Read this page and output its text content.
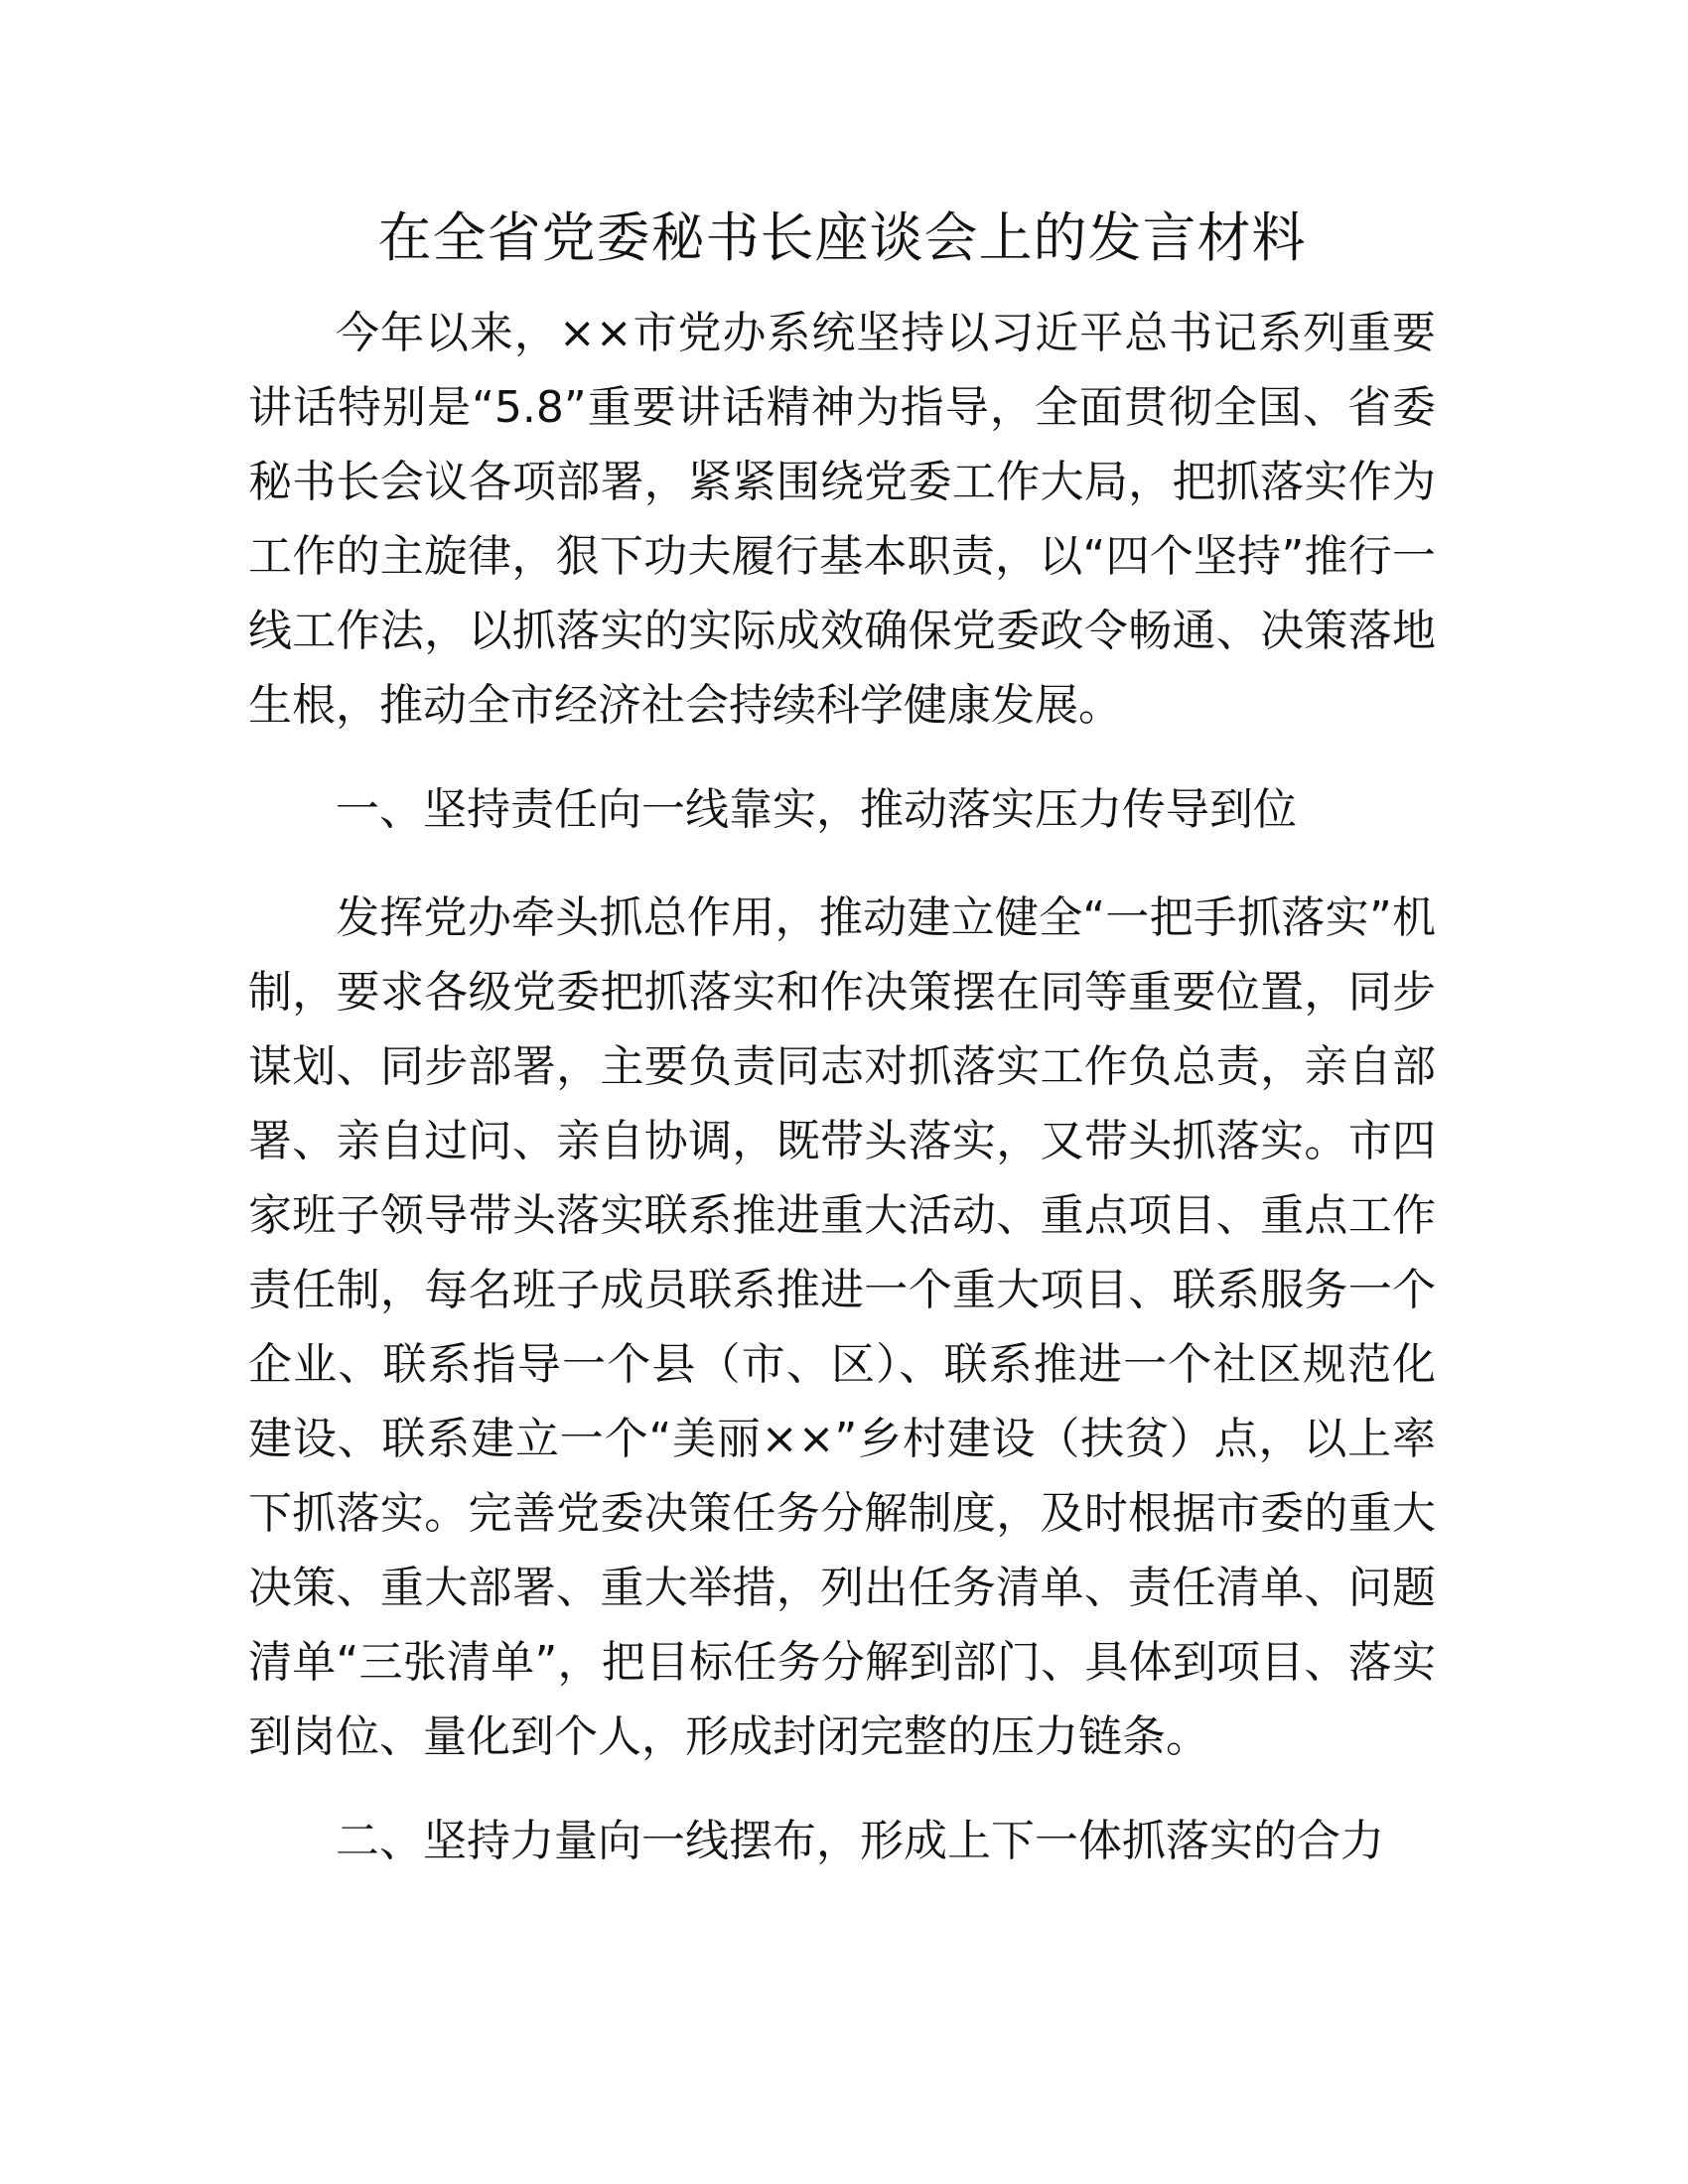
在全省党委秘书长座谈会上的发言材料

今年以来，××市党办系统坚持以习近平总书记系列重要讲话特别是“5.8”重要讲话精神为指导，全面贯彻全国、省委秘书长会议各项部署，紧紧围绕党委工作大局，把抓落实作为工作的主旋律，狠下功夫履行基本职责，以“四个坚持”推行一线工作法，以抓落实的实际成效确保党委政令畅通、决策落地生根，推动全市经济社会持续科学健康发展。

一、坚持责任向一线靠实，推动落实压力传导到位

发挥党办牵头抓总作用，推动建立健全“一把手抓落实”机制，要求各级党委把抓落实和作决策摆在同等重要位置，同步谋划、同步部署，主要负责同志对抓落实工作负总责，亲自部署、亲自过问、亲自协调，既带头落实，又带头抓落实。市四家班子领导带头落实联系推进重大活动、重点项目、重点工作责任制，每名班子成员联系推进一个重大项目、联系服务一个企业、联系指导一个县（市、区）、联系推进一个社区规范化建设、联系建立一个“美丽××”乡村建设（扶贫）点，以上率下抓落实。完善党委决策任务分解制度，及时根据市委的重大决策、重大部署、重大举措，列出任务清单、责任清单、问题清单“三张清单”，把目标任务分解到部门、具体到项目、落实到岗位、量化到个人，形成封闭完整的压力链条。

二、坚持力量向一线摆布，形成上下一体抓落实的合力
